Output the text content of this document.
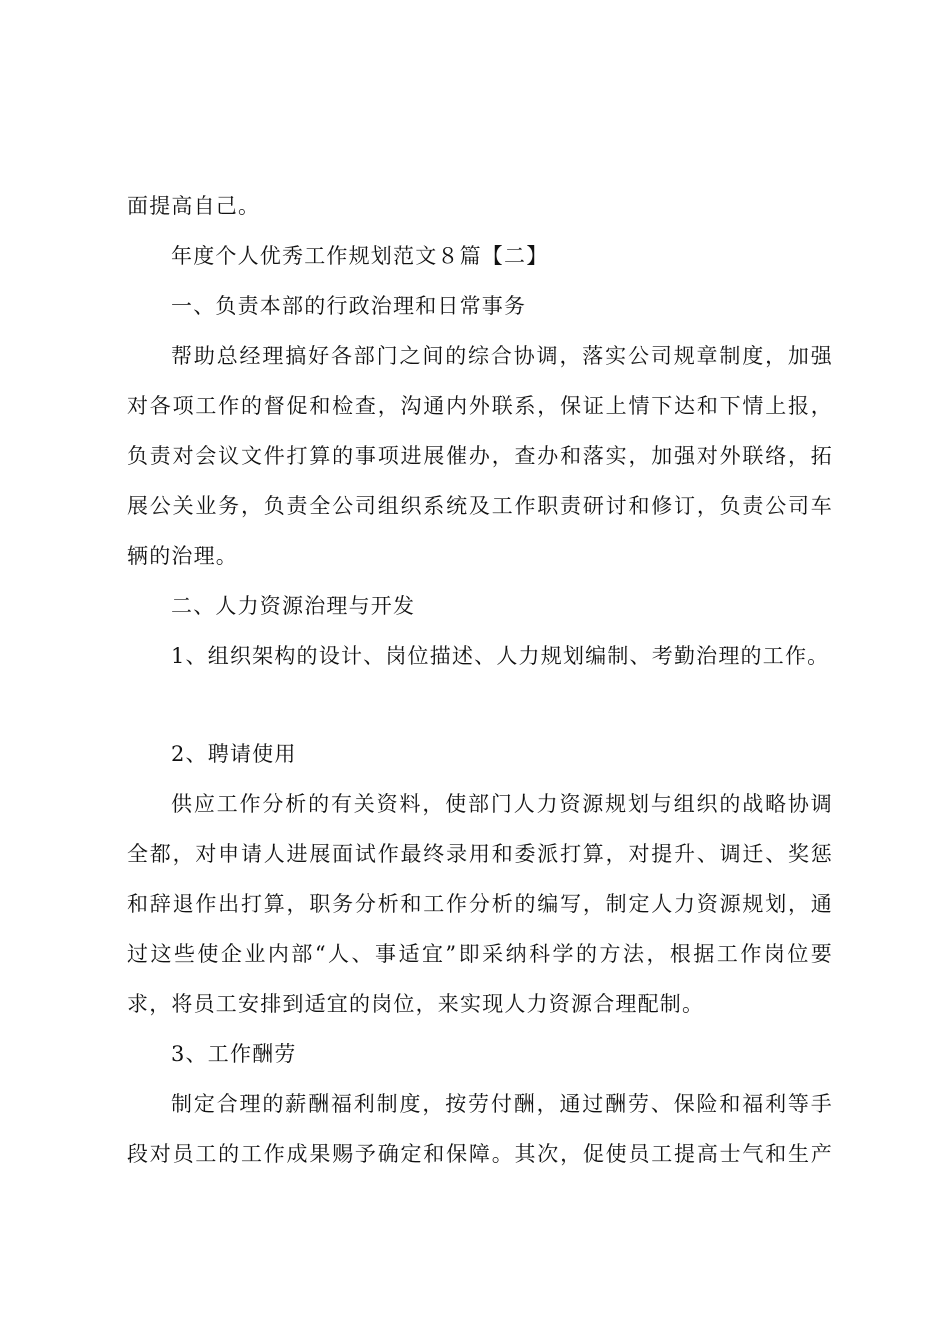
面提高自己。
年度个人优秀工作规划范文８篇【二】
一、负责本部的行政治理和日常事务
帮助总经理搞好各部门之间的综合协调，落实公司规章制度，加强
对各项工作的督促和检查，沟通内外联系，保证上情下达和下情上报，
负责对会议文件打算的事项进展催办，查办和落实，加强对外联络，拓
展公关业务，负责全公司组织系统及工作职责研讨和修订，负责公司车
辆的治理。
二、人力资源治理与开发
1、组织架构的设计、岗位描述、人力规划编制、考勤治理的工作。
2、聘请使用
供应工作分析的有关资料，使部门人力资源规划与组织的战略协调
全都，对申请人进展面试作最终录用和委派打算，对提升、调迁、奖惩
和辞退作出打算，职务分析和工作分析的编写，制定人力资源规划，通
过这些使企业内部“人、事适宜”即采纳科学的方法，根据工作岗位要
求，将员工安排到适宜的岗位，来实现人力资源合理配制。
3、工作酬劳
制定合理的薪酬福利制度，按劳付酬，通过酬劳、保险和福利等手
段对员工的工作成果赐予确定和保障。其次，促使员工提高士气和生产
